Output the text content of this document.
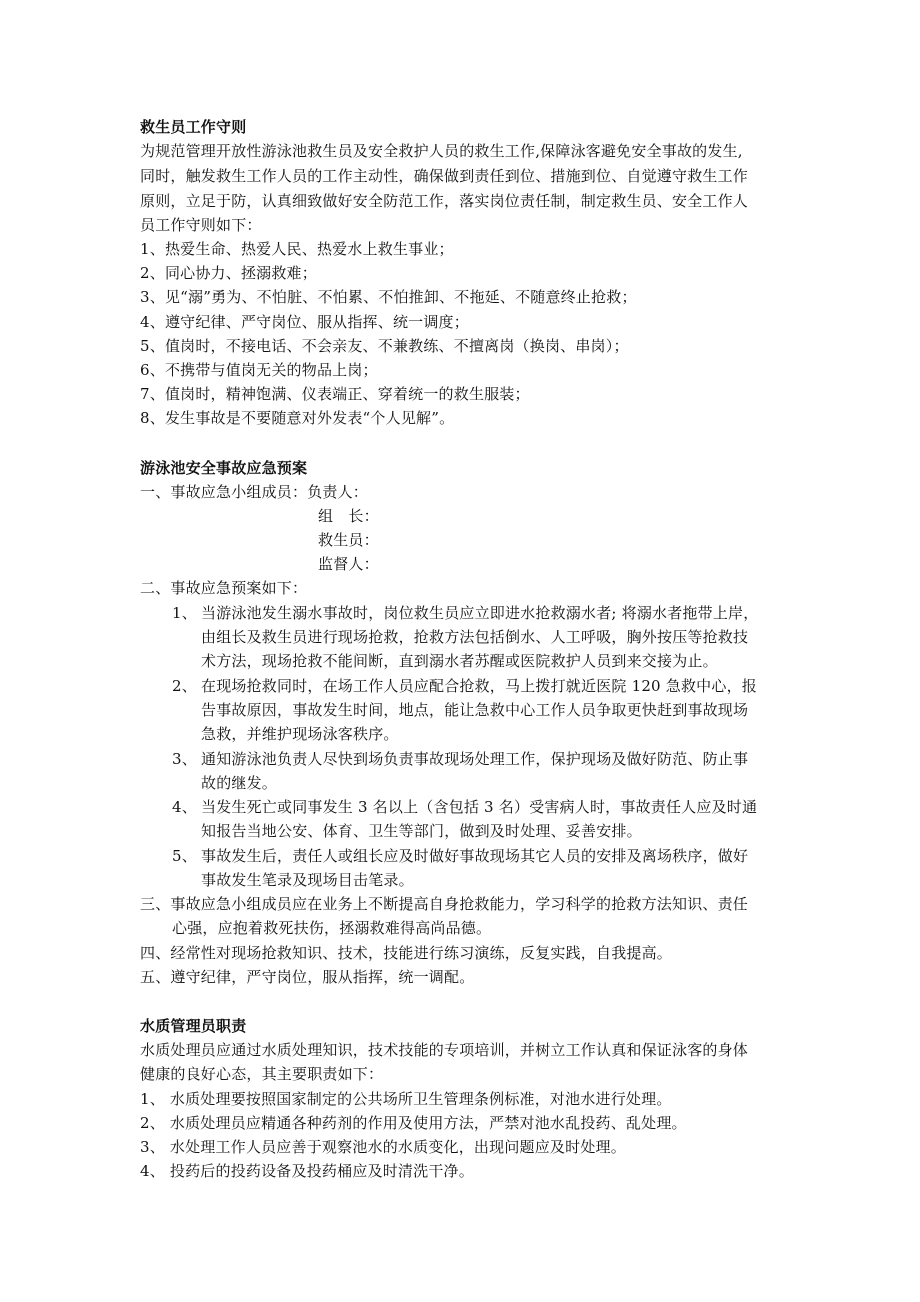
救生员工作守则
为规范管理开放性游泳池救生员及安全救护人员的救生工作,保障泳客避免安全事故的发生,
同时，触发救生工作人员的工作主动性，确保做到责任到位、措施到位、自觉遵守救生工作
原则，立足于防，认真细致做好安全防范工作，落实岗位责任制，制定救生员、安全工作人
员工作守则如下：
1、热爱生命、热爱人民、热爱水上救生事业；
2、同心协力、拯溺救难；
3、见“溺”勇为、不怕脏、不怕累、不怕推卸、不拖延、不随意终止抢救；
4、遵守纪律、严守岗位、服从指挥、统一调度；
5、值岗时，不接电话、不会亲友、不兼教练、不擅离岗（换岗、串岗）；
6、不携带与值岗无关的物品上岗；
7、值岗时，精神饱满、仪表端正、穿着统一的救生服装；
8、发生事故是不要随意对外发表“个人见解”。
游泳池安全事故应急预案
一、事故应急小组成员：负责人：
组　长：
救生员：
监督人：
二、事故应急预案如下：
1、 当游泳池发生溺水事故时，岗位救生员应立即进水抢救溺水者; 将溺水者拖带上岸，
由组长及救生员进行现场抢救，抢救方法包括倒水、人工呼吸，胸外按压等抢救技
术方法，现场抢救不能间断，直到溺水者苏醒或医院救护人员到来交接为止。
2、 在现场抢救同时，在场工作人员应配合抢救，马上拨打就近医院 120 急救中心，报
告事故原因，事故发生时间，地点，能让急救中心工作人员争取更快赶到事故现场
急救，并维护现场泳客秩序。
3、 通知游泳池负责人尽快到场负责事故现场处理工作，保护现场及做好防范、防止事
故的继发。
4、 当发生死亡或同事发生 3 名以上（含包括 3 名）受害病人时，事故责任人应及时通
知报告当地公安、体育、卫生等部门，做到及时处理、妥善安排。
5、 事故发生后，责任人或组长应及时做好事故现场其它人员的安排及离场秩序，做好
事故发生笔录及现场目击笔录。
三、事故应急小组成员应在业务上不断提高自身抢救能力，学习科学的抢救方法知识、责任
心强，应抱着救死扶伤，拯溺救难得高尚品德。
四、经常性对现场抢救知识、技术，技能进行练习演练，反复实践，自我提高。
五、遵守纪律，严守岗位，服从指挥，统一调配。
水质管理员职责
水质处理员应通过水质处理知识，技术技能的专项培训，并树立工作认真和保证泳客的身体
健康的良好心态，其主要职责如下：
1、 水质处理要按照国家制定的公共场所卫生管理条例标准，对池水进行处理。
2、 水质处理员应精通各种药剂的作用及使用方法，严禁对池水乱投药、乱处理。
3、 水处理工作人员应善于观察池水的水质变化，出现问题应及时处理。
4、 投药后的投药设备及投药桶应及时清洗干净。
